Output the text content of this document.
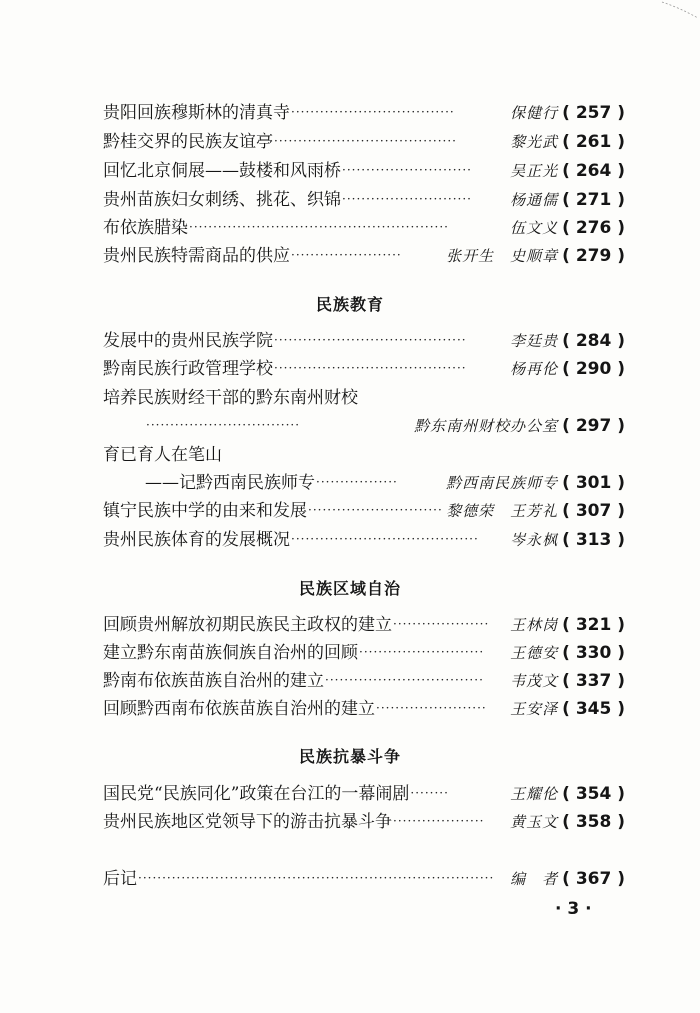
贵阳回族穆斯林的清真寺 ··································	保健行 ( 257 )
黔桂交界的民族友谊亭 ······································	黎光武 ( 261 )
回忆北京侗展——鼓楼和风雨桥 ···························	吴正光 ( 264 )
贵州苗族妇女刺绣、挑花、织锦 ···························	杨通儒 ( 271 )
布依族腊染 ······················································	伍文义 ( 276 )
贵州民族特需商品的供应 ·······················	张开生　史顺章 ( 279 )
民族教育
发展中的贵州民族学院 ········································	李廷贵 ( 284 )
黔南民族行政管理学校 ········································	杨再伦 ( 290 )
培养民族财经干部的黔东南州财校
································	黔东南州财校办公室 ( 297 )
育已育人在笔山
——记黔西南民族师专 ·················	黔西南民族师专 ( 301 )
镇宁民族中学的由来和发展 ···························· 黎德荣　王芳礼 ( 307 )
贵州民族体育的发展概况 ·······································	岑永枫 ( 313 )
民族区域自治
回顾贵州解放初期民族民主政权的建立 ····················	王林岗 ( 321 )
建立黔东南苗族侗族自治州的回顾 ··························	王德安 ( 330 )
黔南布依族苗族自治州的建立 ·································	韦茂文 ( 337 )
回顾黔西南布依族苗族自治州的建立 ·······················	王安泽 ( 345 )
民族抗暴斗争
国民党“民族同化”政策在台江的一幕闹剧 ········	王耀伦 ( 354 )
贵州民族地区党领导下的游击抗暴斗争 ···················	黄玉文 ( 358 )
后记 ··········································································	编　者 ( 367 )
· 3 ·
